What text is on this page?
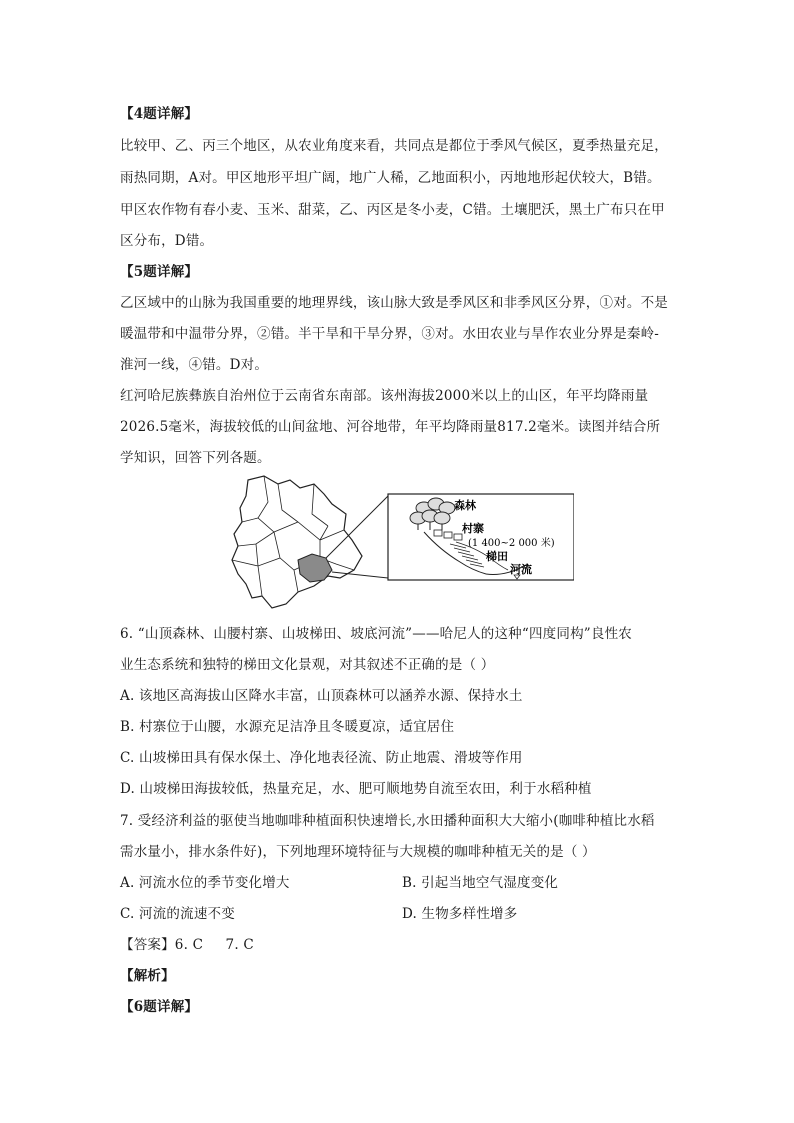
【4题详解】
比较甲、乙、丙三个地区，从农业角度来看，共同点是都位于季风气候区，夏季热量充足，
雨热同期，A对。甲区地形平坦广阔，地广人稀，乙地面积小，丙地地形起伏较大，B错。
甲区农作物有春小麦、玉米、甜菜，乙、丙区是冬小麦，C错。土壤肥沃，黑土广布只在甲
区分布，D错。
【5题详解】
乙区域中的山脉为我国重要的地理界线，该山脉大致是季风区和非季风区分界，①对。不是
暖温带和中温带分界，②错。半干旱和干旱分界，③对。水田农业与旱作农业分界是秦岭-
淮河一线，④错。D对。
红河哈尼族彝族自治州位于云南省东南部。该州海拔2000米以上的山区，年平均降雨量
2026.5毫米，海拔较低的山间盆地、河谷地带，年平均降雨量817.2毫米。读图并结合所
学知识，回答下列各题。
森林
村寨
(1 400~2 000 米)
梯田
河流
6. “山顶森林、山腰村寨、山坡梯田、坡底河流”——哈尼人的这种“四度同构”良性农
业生态系统和独特的梯田文化景观，对其叙述不正确的是（ ）
A. 该地区高海拔山区降水丰富，山顶森林可以涵养水源、保持水土
B. 村寨位于山腰，水源充足洁净且冬暖夏凉，适宜居住
C. 山坡梯田具有保水保土、净化地表径流、防止地震、滑坡等作用
D. 山坡梯田海拔较低，热量充足，水、肥可顺地势自流至农田，利于水稻种植
7. 受经济利益的驱使当地咖啡种植面积快速增长,水田播种面积大大缩小(咖啡种植比水稻
需水量小，排水条件好)，下列地理环境特征与大规模的咖啡种植无关的是（ ）
A. 河流水位的季节变化增大	B. 引起当地空气湿度变化
C. 河流的流速不变	D. 生物多样性增多
【答案】6. C     7. C
【解析】
【6题详解】
